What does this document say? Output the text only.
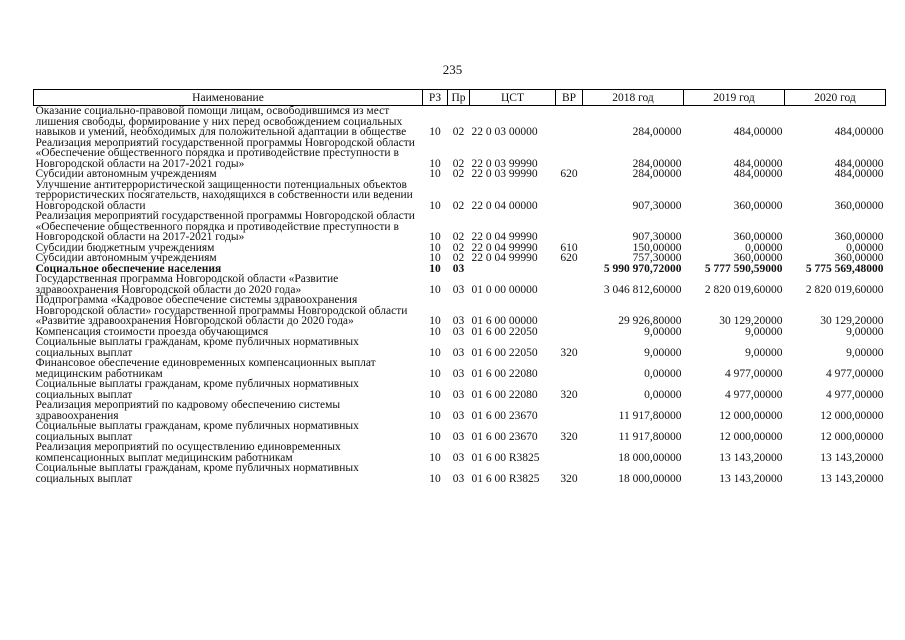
235
Наименование	РЗ	Пр	ЦСТ	ВР	2018 год	2019 год	2020 год
Оказание социально-правовой помощи лицам, освободившимся из мест лишения свободы, формирование у них перед освобождением социальных навыков и умений, необходимых для положительной адаптации в обществе	10	02	22 0 03 00000		284,00000	484,00000	484,00000
Реализация мероприятий государственной программы Новгородской области «Обеспечение общественного порядка и противодействие преступности в Новгородской области на 2017-2021 годы»	10	02	22 0 03 99990		284,00000	484,00000	484,00000
Субсидии автономным учреждениям	10	02	22 0 03 99990	620	284,00000	484,00000	484,00000
Улучшение антитеррористической защищенности потенциальных объектов террористических посягательств, находящихся в собственности или ведении Новгородской области	10	02	22 0 04 00000		907,30000	360,00000	360,00000
Реализация мероприятий государственной программы Новгородской области «Обеспечение общественного порядка и противодействие преступности в Новгородской области на 2017-2021 годы»	10	02	22 0 04 99990		907,30000	360,00000	360,00000
Субсидии бюджетным учреждениям	10	02	22 0 04 99990	610	150,00000	0,00000	0,00000
Субсидии автономным учреждениям	10	02	22 0 04 99990	620	757,30000	360,00000	360,00000
Социальное обеспечение населения	10	03			5 990 970,72000	5 777 590,59000	5 775 569,48000
Государственная программа Новгородской области «Развитие здравоохранения Новгородской области до 2020 года»	10	03	01 0 00 00000		3 046 812,60000	2 820 019,60000	2 820 019,60000
Подпрограмма «Кадровое обеспечение системы здравоохранения Новгородской области» государственной программы Новгородской области «Развитие здравоохранения Новгородской области до 2020 года»	10	03	01 6 00 00000		29 926,80000	30 129,20000	30 129,20000
Компенсация стоимости проезда обучающимся	10	03	01 6 00 22050		9,00000	9,00000	9,00000
Социальные выплаты гражданам, кроме публичных нормативных социальных выплат	10	03	01 6 00 22050	320	9,00000	9,00000	9,00000
Финансовое обеспечение единовременных компенсационных выплат медицинским работникам	10	03	01 6 00 22080		0,00000	4 977,00000	4 977,00000
Социальные выплаты гражданам, кроме публичных нормативных социальных выплат	10	03	01 6 00 22080	320	0,00000	4 977,00000	4 977,00000
Реализация мероприятий по кадровому обеспечению системы здравоохранения	10	03	01 6 00 23670		11 917,80000	12 000,00000	12 000,00000
Социальные выплаты гражданам, кроме публичных нормативных социальных выплат	10	03	01 6 00 23670	320	11 917,80000	12 000,00000	12 000,00000
Реализация мероприятий по осуществлению единовременных компенсационных выплат медицинским работникам	10	03	01 6 00 R3825		18 000,00000	13 143,20000	13 143,20000
Социальные выплаты гражданам, кроме публичных нормативных социальных выплат	10	03	01 6 00 R3825	320	18 000,00000	13 143,20000	13 143,20000
